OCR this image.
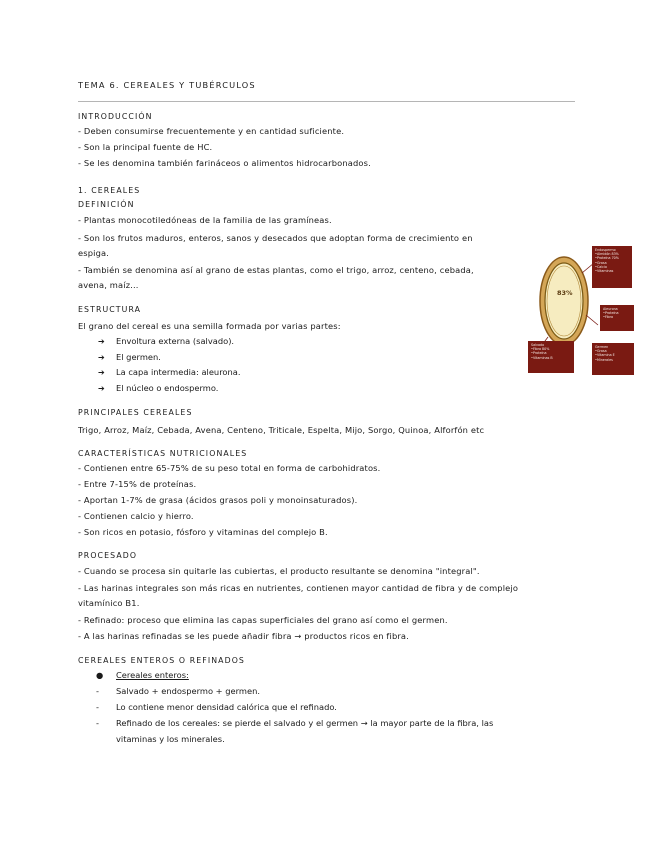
TEMA 6. CEREALES Y TUBÉRCULOS
INTRODUCCIÓN
- Deben consumirse frecuentemente y en cantidad suficiente.
- Son la principal fuente de HC.
- Se les denomina también farináceos o alimentos hidrocarbonados.
1. CEREALES
DEFINICIÓN
- Plantas monocotiledóneas de la familia de las gramíneas.
- Son los frutos maduros, enteros, sanos y desecados que adoptan forma de crecimiento en
espiga.
- También se denomina así al grano de estas plantas, como el trigo, arroz, centeno, cebada,
avena, maíz...
ESTRUCTURA
El grano del cereal es una semilla formada por varias partes:
➔ Envoltura externa (salvado).
➔ El germen.
➔ La capa intermedia: aleurona.
➔ El núcleo o endospermo.
83%
Endospermo
•Almidón 83%
•Proteína 70%
•Grasa
•Calcio
•Vitaminas
Aleurona
•Proteína
•Fibra
Salvado
•Fibra 80%
•Proteína
•Vitaminas B
Germen
•Grasa
•Vitamina E
•Minerales
PRINCIPALES CEREALES
Trigo, Arroz, Maíz, Cebada, Avena, Centeno, Triticale, Espelta, Mijo, Sorgo, Quinoa, Alforfón etc
CARACTERÍSTICAS NUTRICIONALES
- Contienen entre 65-75% de su peso total en forma de carbohidratos.
- Entre 7-15% de proteínas.
- Aportan 1-7% de grasa (ácidos grasos poli y monoinsaturados).
- Contienen calcio y hierro.
- Son ricos en potasio, fósforo y vitaminas del complejo B.
PROCESADO
- Cuando se procesa sin quitarle las cubiertas, el producto resultante se denomina "integral".
- Las harinas integrales son más ricas en nutrientes, contienen mayor cantidad de fibra y de complejo
vitamínico B1.
- Refinado: proceso que elimina las capas superficiales del grano así como el germen.
- A las harinas refinadas se les puede añadir fibra → productos ricos en fibra.
CEREALES ENTEROS O REFINADOS
● Cereales enteros:
- Salvado + endospermo + germen.
- Lo contiene menor densidad calórica que el refinado.
- Refinado de los cereales: se pierde el salvado y el germen → la mayor parte de la fibra, las
vitaminas y los minerales.
